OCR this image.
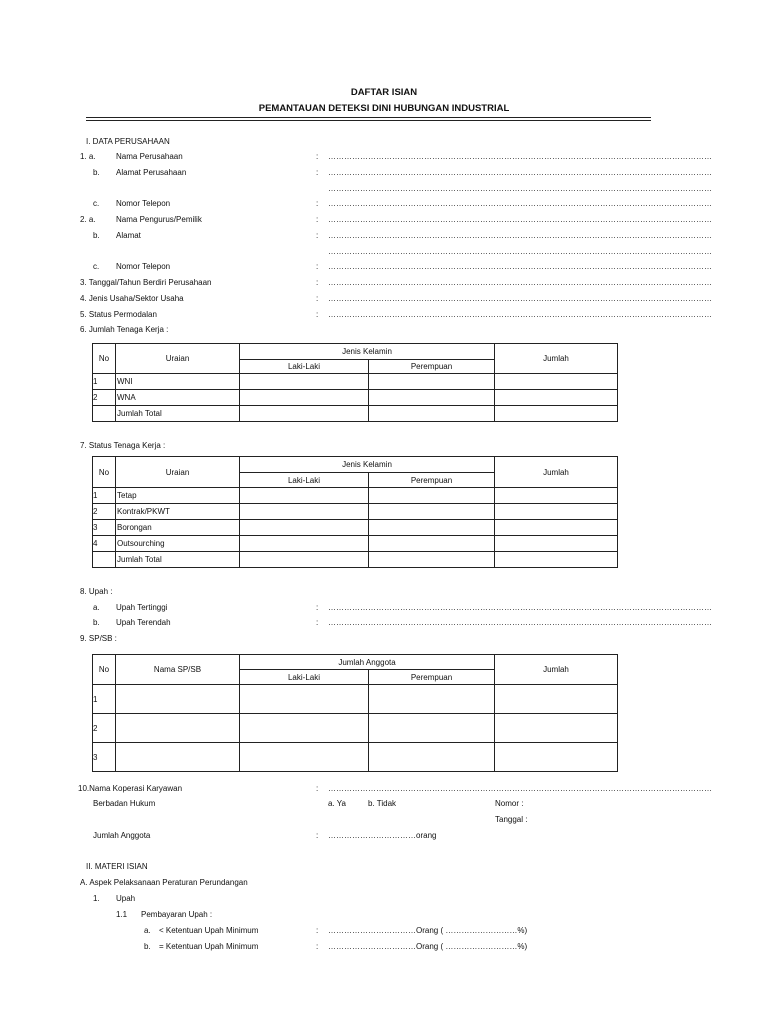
DAFTAR ISIAN
PEMANTAUAN DETEKSI DINI HUBUNGAN INDUSTRIAL
I. DATA PERUSAHAAN
1. a.	Nama Perusahaan	: ………………………………………………………………………………………………………………………………
b. Alamat Perusahaan	: ………………………………………………………………………………………………………………………………
………………………………………………………………………………………………………………………………
c. Nomor Telepon	: ………………………………………………………………………………………………………………………………
2. a.	Nama Pengurus/Pemilik	: ………………………………………………………………………………………………………………………………
b. Alamat	: ………………………………………………………………………………………………………………………………
………………………………………………………………………………………………………………………………
c. Nomor Telepon	: ………………………………………………………………………………………………………………………………
3. Tanggal/Tahun Berdiri Perusahaan	: ………………………………………………………………………………………………………………………………
4. Jenis Usaha/Sektor Usaha	: ………………………………………………………………………………………………………………………………
5. Status Permodalan	: ………………………………………………………………………………………………………………………………
6. Jumlah Tenaga Kerja :
No	Uraian	Jenis Kelamin		Jumlah
		Laki-Laki	Perempuan	
1	WNI			
2	WNA			
	Jumlah Total			
7. Status Tenaga Kerja :
No	Uraian	Jenis Kelamin		Jumlah
		Laki-Laki	Perempuan	
1	Tetap			
2	Kontrak/PKWT			
3	Borongan			
4	Outsourching			
	Jumlah Total			
8. Upah :
a. Upah Tertinggi	: ………………………………………………………………………………………………………………………………
b. Upah Terendah	: ………………………………………………………………………………………………………………………………
9. SP/SB :
No	Nama SP/SB	Jumlah Anggota		Jumlah
		Laki-Laki	Perempuan	
1				
2				
3				
10.Nama Koperasi Karyawan	: ………………………………………………………………………………………………………………………………
Berbadan Hukum	a. Ya	b. Tidak	Nomor :
Tanggal :
Jumlah Anggota	: ……………………………orang
II. MATERI ISIAN
A. Aspek Pelaksanaan Peraturan Perundangan
1. Upah
1.1 Pembayaran Upah :
a. < Ketentuan Upah Minimum	: ……………………………Orang ( ………………………%)
b. = Ketentuan Upah Minimum	: ……………………………Orang ( ………………………%)
